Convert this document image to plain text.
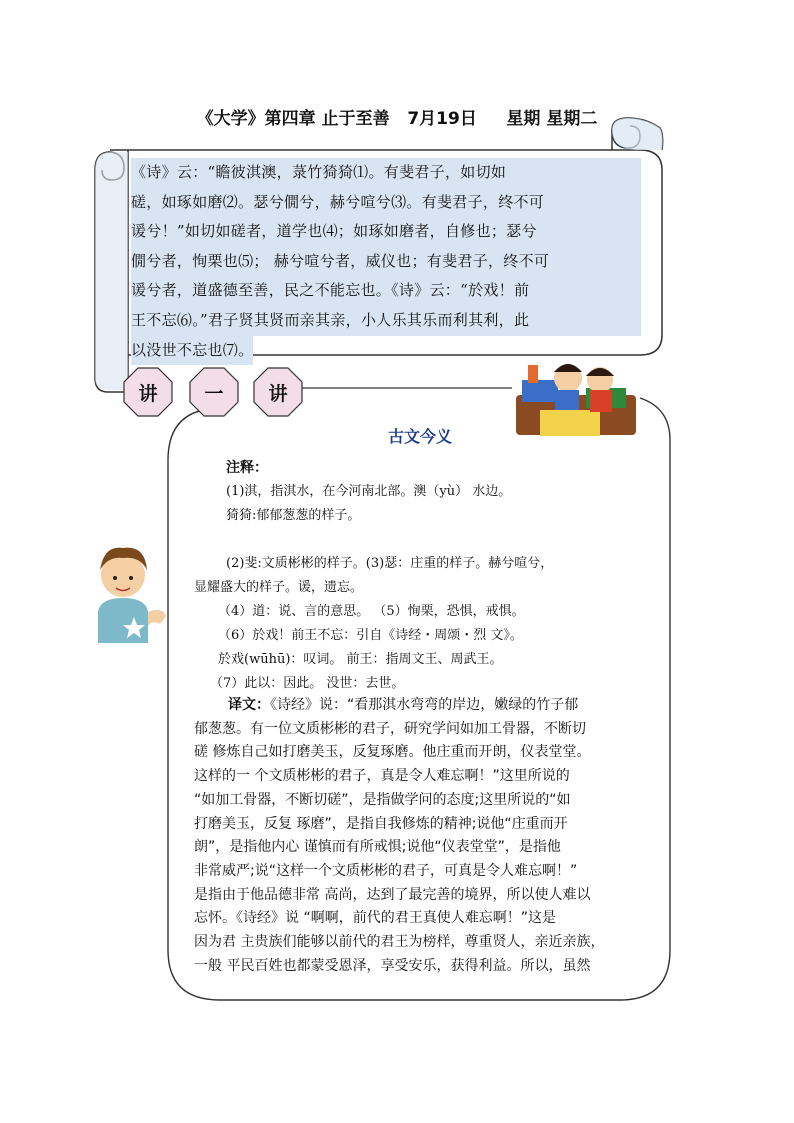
《大学》第四章 止于至善   7月19日     星期 星期二
《诗》云：“瞻彼淇澳，菉竹猗猗⑴。有斐君子，如切如
磋，如琢如磨⑵。瑟兮僩兮，赫兮喧兮⑶。有斐君子，终不可
谖兮！”如切如磋者，道学也⑷；如琢如磨者，自修也；瑟兮
僩兮者，恂栗也⑸； 赫兮喧兮者，威仪也；有斐君子，终不可
谖兮者，道盛德至善，民之不能忘也。《诗》云：“於戏！前
王不忘⑹。”君子贤其贤而亲其亲，小人乐其乐而利其利，此
以没世不忘也⑺。
讲 一 讲
古文今义
注释：
(1)淇，指淇水，在今河南北部。澳（yù） 水边。
猗猗:郁郁葱葱的样子。

(2)斐:文质彬彬的样子。(3)瑟：庄重的样子。赫兮喧兮，
显耀盛大的样子。谖，遗忘。
（4）道：说、言的意思。 （5）恂栗，恐惧，戒惧。
（6）於戏！前王不忘：引自《诗经・周颂・烈 文》。
於戏(wūhū)：叹词。 前王：指周文王、周武王。
（7）此以：因此。 没世：去世。
译文：《诗经》说：“看那淇水弯弯的岸边，嫩绿的竹子郁
郁葱葱。有一位文质彬彬的君子，研究学问如加工骨器，不断切
磋 修炼自己如打磨美玉，反复琢磨。他庄重而开朗，仪表堂堂。
这样的一 个文质彬彬的君子，真是令人难忘啊！”这里所说的
“如加工骨器，不断切磋”，是指做学问的态度;这里所说的“如
打磨美玉，反复 琢磨”，是指自我修炼的精神;说他“庄重而开
朗”，是指他内心 谨慎而有所戒惧;说他“仪表堂堂”，是指他
非常威严;说“这样一个文质彬彬的君子，可真是令人难忘啊！”
是指由于他品德非常 高尚，达到了最完善的境界，所以使人难以
忘怀。《诗经》说 “啊啊，前代的君王真使人难忘啊！”这是
因为君 主贵族们能够以前代的君王为榜样，尊重贤人，亲近亲族，
一般 平民百姓也都蒙受恩泽，享受安乐，获得利益。所以，虽然
